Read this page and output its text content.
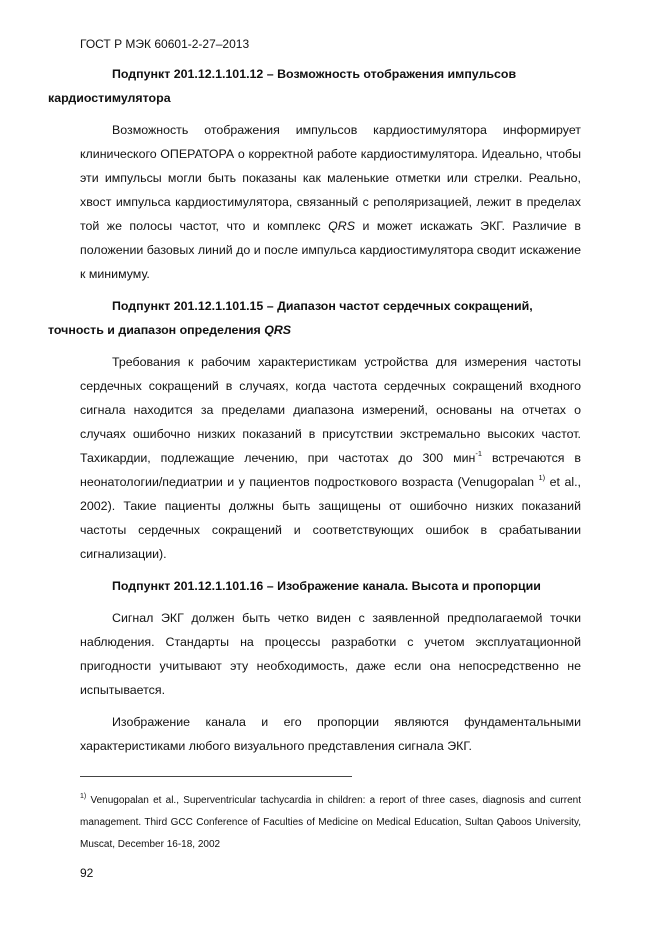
ГОСТ Р МЭК 60601-2-27–2013

Подпункт 201.12.1.101.12 – Возможность отображения импульсов
кардиостимулятора

Возможность отображения импульсов кардиостимулятора информирует клинического ОПЕРАТОРА о корректной работе кардиостимулятора. Идеально, чтобы эти импульсы могли быть показаны как маленькие отметки или стрелки. Реально, хвост импульса кардиостимулятора, связанный с реполяризацией, лежит в пределах той же полосы частот, что и комплекс QRS и может искажать ЭКГ. Различие в положении базовых линий до и после импульса кардиостимулятора сводит искажение к минимуму.

Подпункт 201.12.1.101.15 – Диапазон частот сердечных сокращений,
точность и диапазон определения QRS

Требования к рабочим характеристикам устройства для измерения частоты сердечных сокращений в случаях, когда частота сердечных сокращений входного сигнала находится за пределами диапазона измерений, основаны на отчетах о случаях ошибочно низких показаний в присутствии экстремально высоких частот. Тахикардии, подлежащие лечению, при частотах до 300 мин$^{-1}$ встречаются в неонатологии/педиатрии и у пациентов подросткового возраста (Venugopalan $^{1)}$ et al., 2002). Такие пациенты должны быть защищены от ошибочно низких показаний частоты сердечных сокращений и соответствующих ошибок в срабатывании сигнализации).

Подпункт 201.12.1.101.16 – Изображение канала. Высота и пропорции

Сигнал ЭКГ должен быть четко виден с заявленной предполагаемой точки наблюдения. Стандарты на процессы разработки с учетом эксплуатационной пригодности учитывают эту необходимость, даже если она непосредственно не испытывается.

Изображение канала и его пропорции являются фундаментальными характеристиками любого визуального представления сигнала ЭКГ.

$^{1)}$ Venugopalan et al., Superventricular tachycardia in children: a report of three cases, diagnosis and current management. Third GCC Conference of Faculties of Medicine on Medical Education, Sultan Qaboos University, Muscat, December 16-18, 2002
92
